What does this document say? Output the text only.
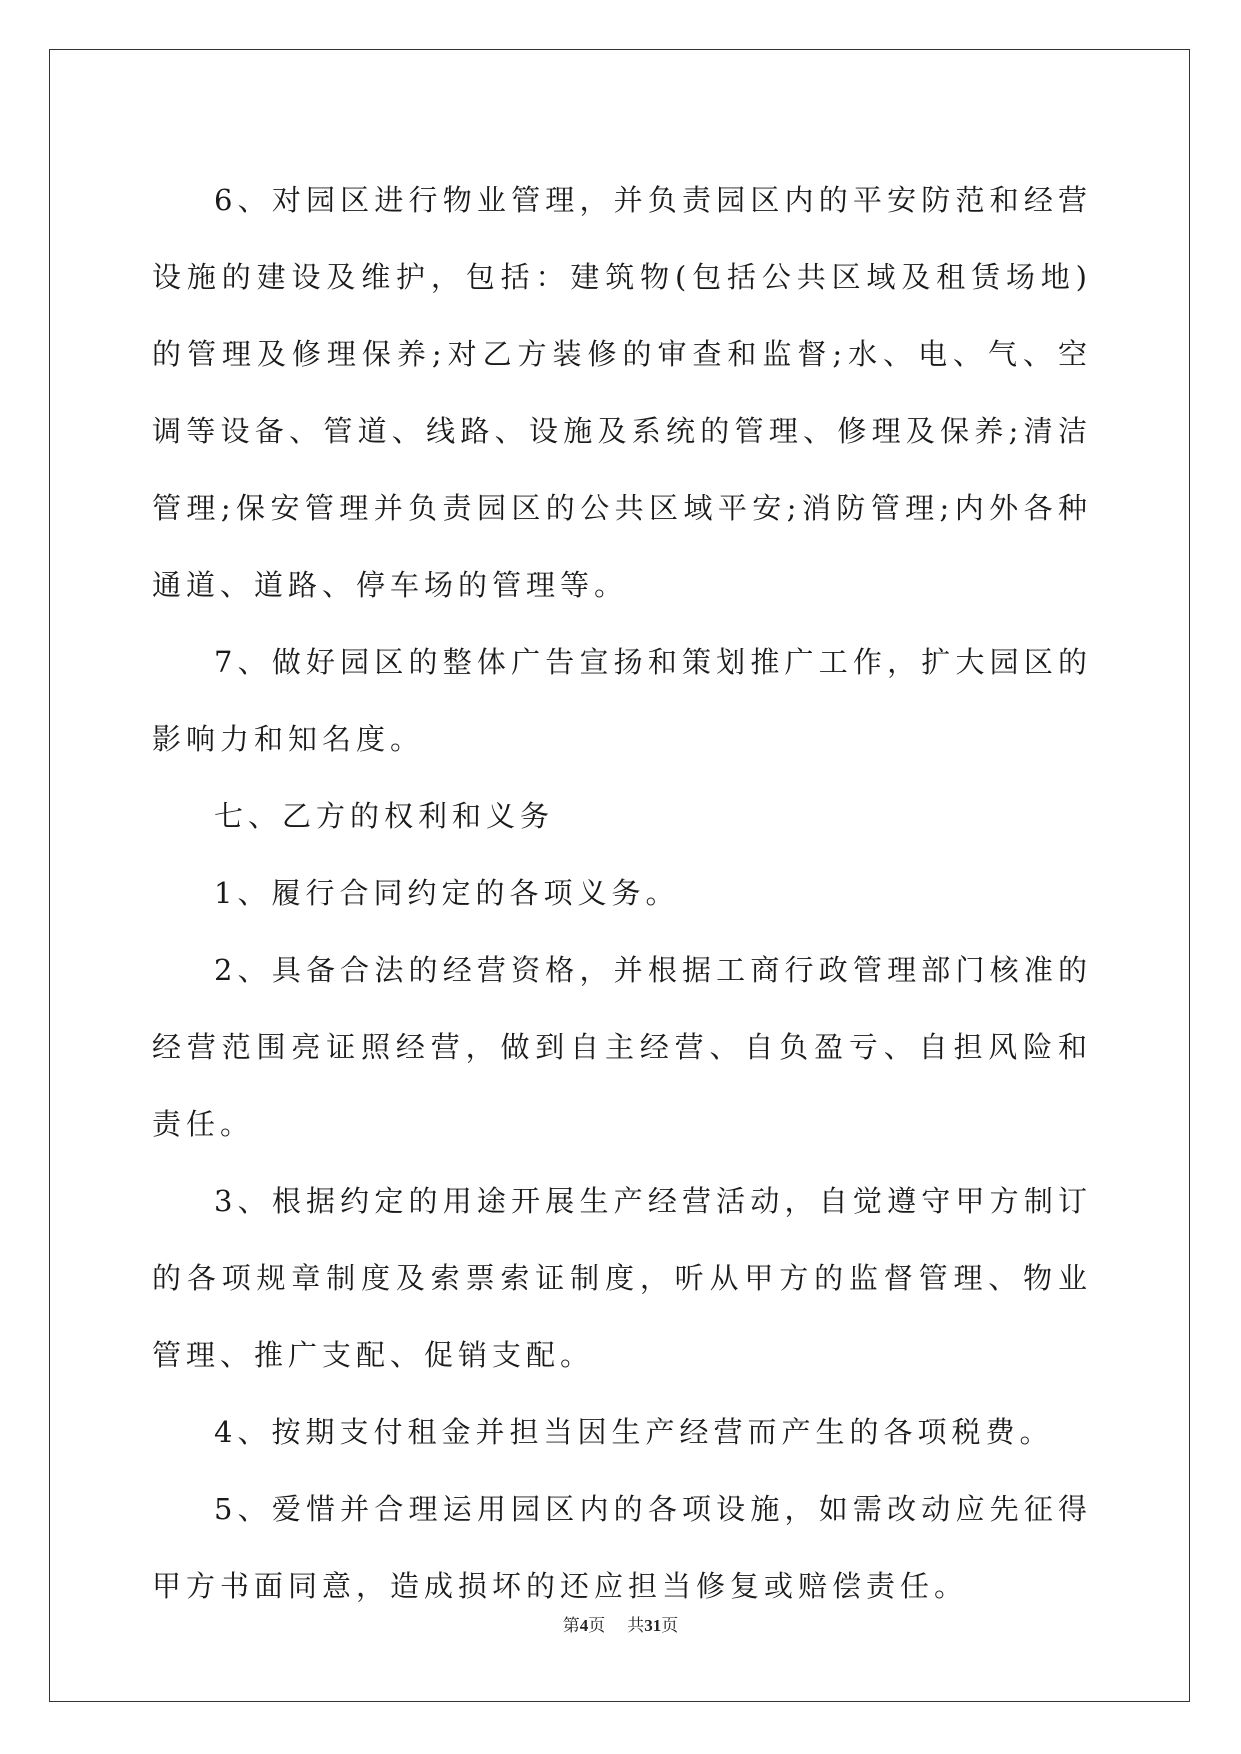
6、对园区进行物业管理，并负责园区内的平安防范和经营设施的建设及维护，包括：建筑物(包括公共区域及租赁场地)的管理及修理保养;对乙方装修的审查和监督;水、电、气、空调等设备、管道、线路、设施及系统的管理、修理及保养;清洁管理;保安管理并负责园区的公共区域平安;消防管理;内外各种通道、道路、停车场的管理等。

7、做好园区的整体广告宣扬和策划推广工作，扩大园区的影响力和知名度。

七、乙方的权利和义务

1、履行合同约定的各项义务。

2、具备合法的经营资格，并根据工商行政管理部门核准的经营范围亮证照经营，做到自主经营、自负盈亏、自担风险和责任。

3、根据约定的用途开展生产经营活动，自觉遵守甲方制订的各项规章制度及索票索证制度，听从甲方的监督管理、物业管理、推广支配、促销支配。

4、按期支付租金并担当因生产经营而产生的各项税费。

5、爱惜并合理运用园区内的各项设施，如需改动应先征得甲方书面同意，造成损坏的还应担当修复或赔偿责任。

第4页 共31页
